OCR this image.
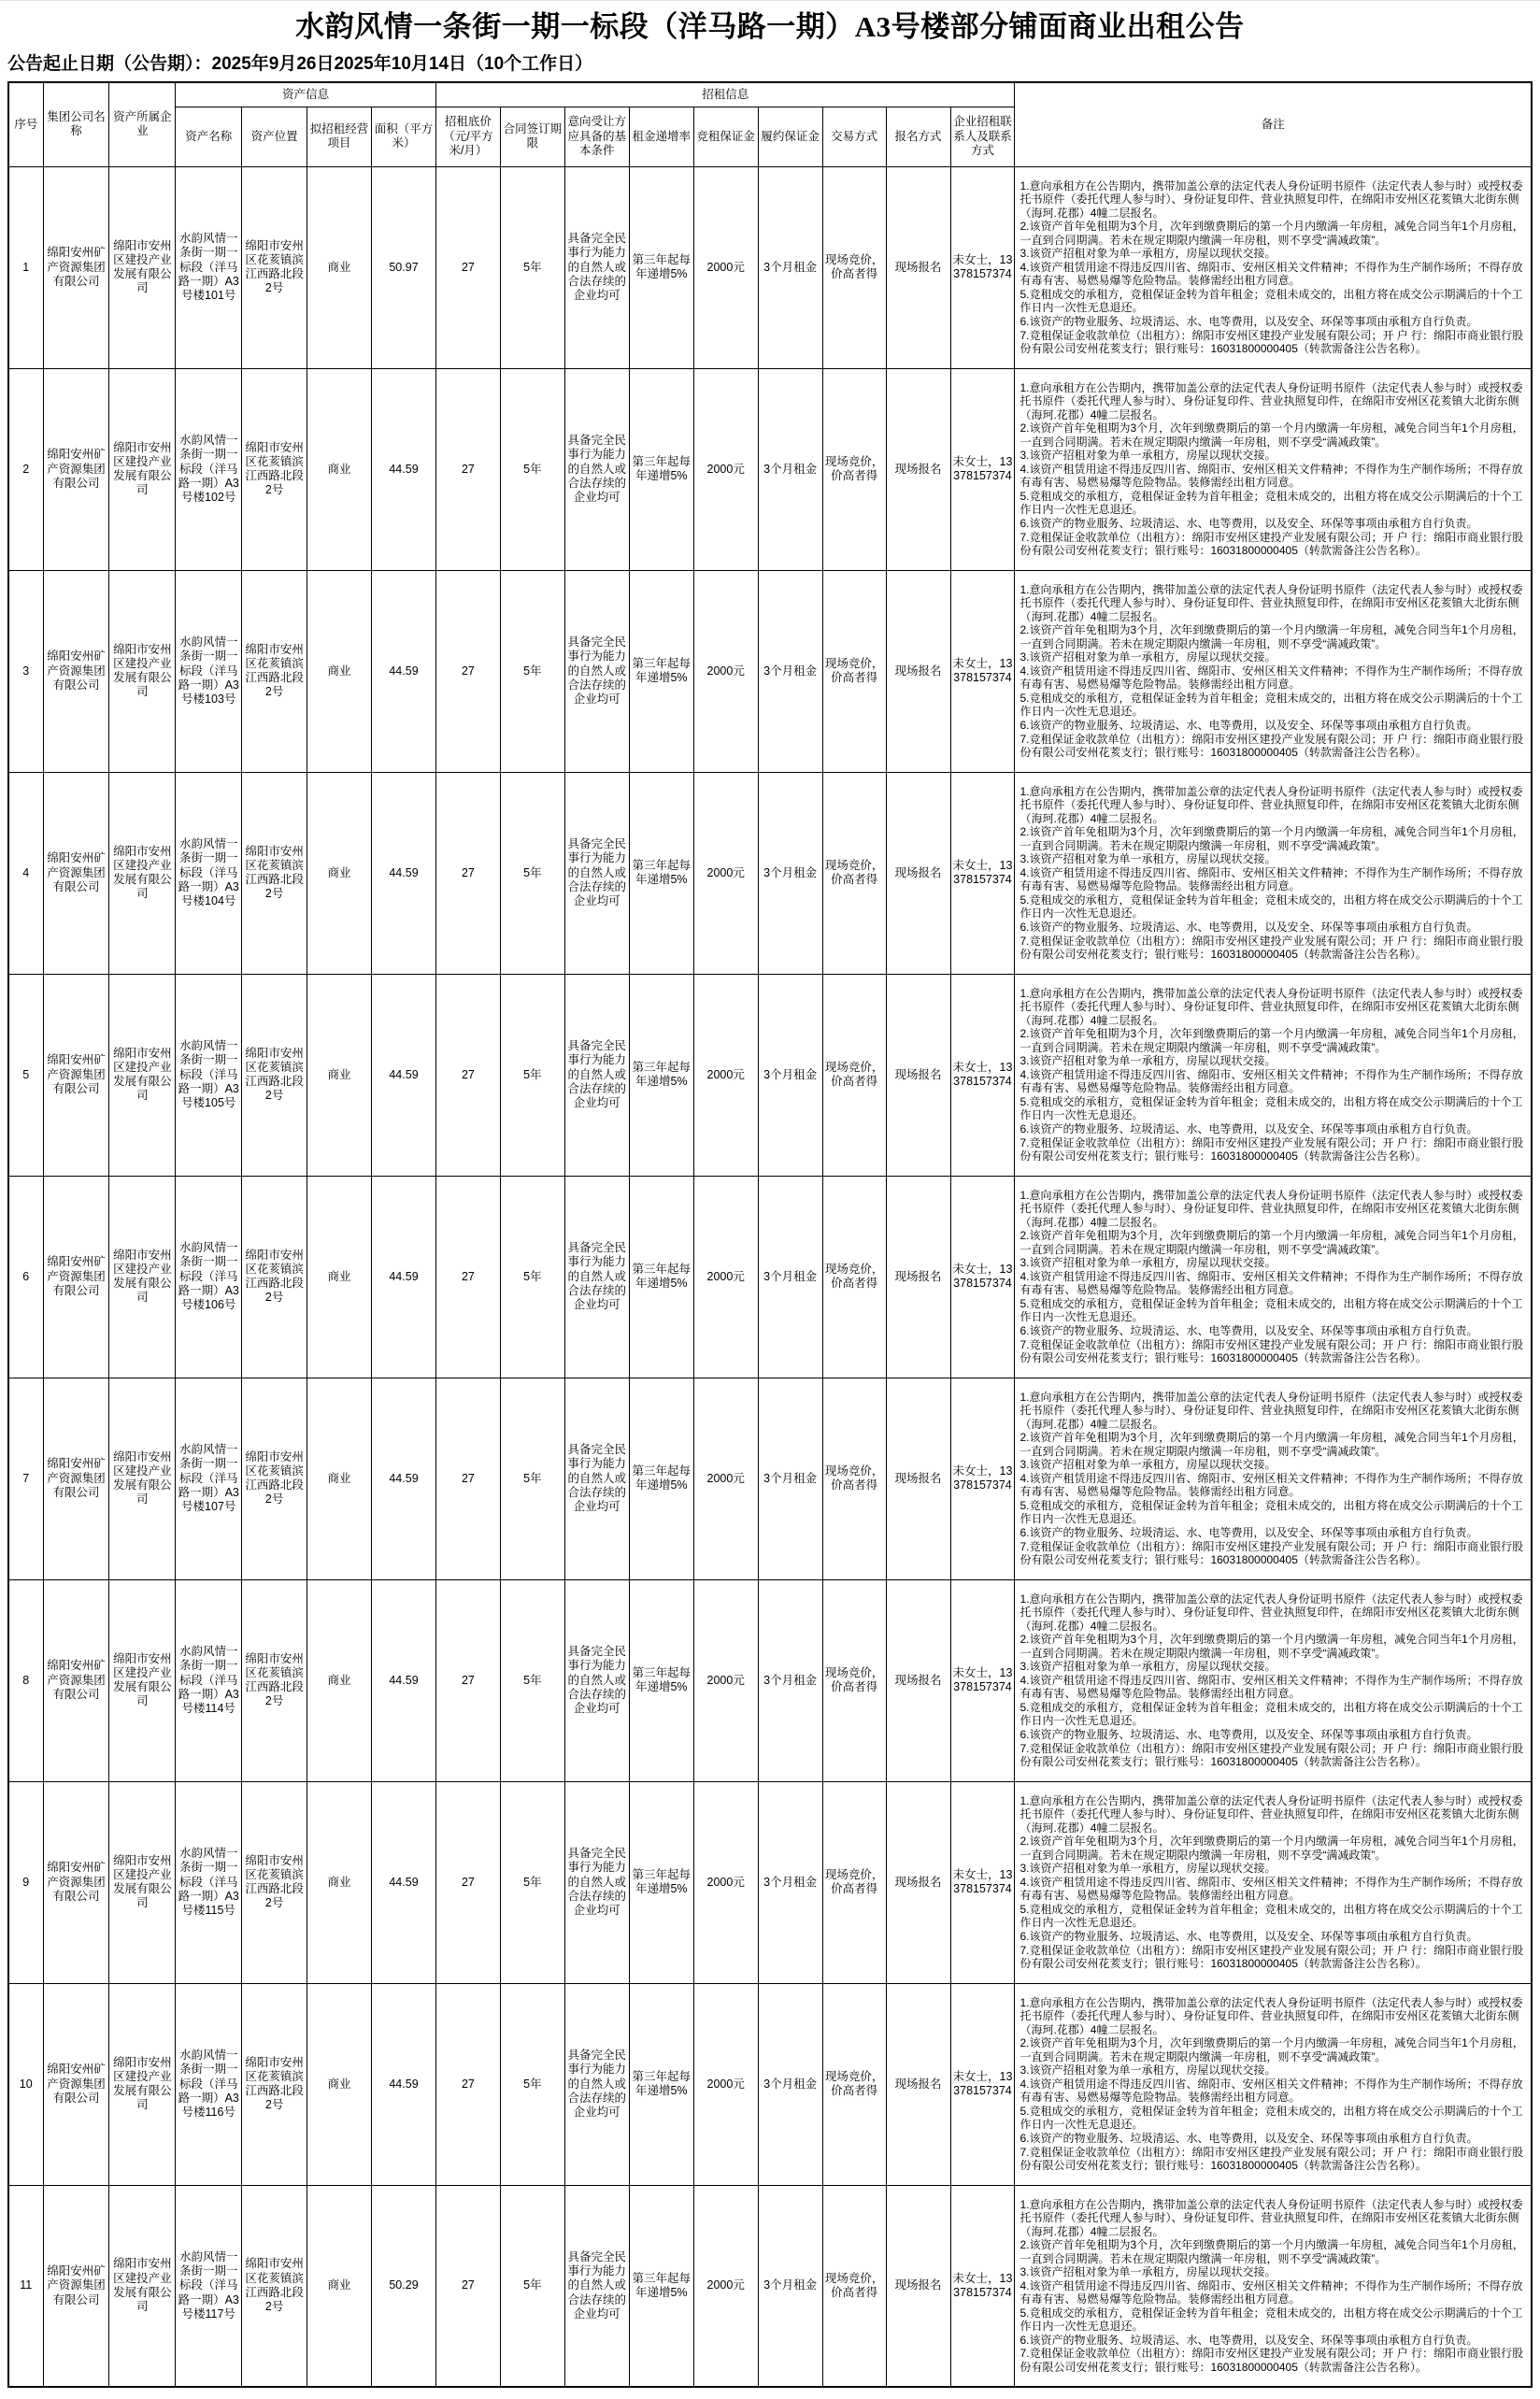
水韵风情一条街一期一标段（洋马路一期）A3号楼部分铺面商业出租公告
公告起止日期（公告期）：2025年9月26日2025年10月14日（10个工作日）
序号	集团公司名称	资产所属企业	资产信息				招租信息									备注
			资产名称	资产位置	拟招租经营项目	面积（平方米）	招租底价（元/平方米/月）	合同签订期限	意向受让方应具备的基本条件	租金递增率	竞租保证金	履约保证金	交易方式	报名方式	企业招租联系人及联系方式	
1	绵阳安州矿产资源集团有限公司	绵阳市安州区建投产业发展有限公司	水韵风情一条街一期一标段（洋马路一期）A3号楼101号	绵阳市安州区花荄镇滨江西路北段2号	商业	50.97	27	5年	具备完全民事行为能力的自然人或合法存续的企业均可	第三年起每年递增5%	2000元	3个月租金	现场竞价，价高者得	现场报名	未女士，13378157374	
1.意向承租方在公告期内，携带加盖公章的法定代表人身份证明书原件（法定代表人参与时）或授权委托书原件（委托代理人参与时）、身份证复印件、营业执照复印件，在绵阳市安州区花荄镇大北街东侧（海珂.花郡）4幢二层报名。
2.该资产首年免租期为3个月，次年到缴费期后的第一个月内缴满一年房租，减免合同当年1个月房租，一直到合同期满。若未在规定期限内缴满一年房租，则不享受“满减政策”。
3.该资产招租对象为单一承租方，房屋以现状交接。
4.该资产租赁用途不得违反四川省、绵阳市、安州区相关文件精神；不得作为生产制作场所；不得存放有毒有害、易燃易爆等危险物品。装修需经出租方同意。
5.竞租成交的承租方，竞租保证金转为首年租金；竞租未成交的，出租方将在成交公示期满后的十个工作日内一次性无息退还。
6.该资产的物业服务、垃圾清运、水、电等费用，以及安全、环保等事项由承租方自行负责。
7.竞租保证金收款单位（出租方）：绵阳市安州区建投产业发展有限公司；开 户 行：绵阳市商业银行股份有限公司安州花荄支行；银行账号：16031800000405（转款需备注公告名称）。

2	绵阳安州矿产资源集团有限公司	绵阳市安州区建投产业发展有限公司	水韵风情一条街一期一标段（洋马路一期）A3号楼102号	绵阳市安州区花荄镇滨江西路北段2号	商业	44.59	27	5年	具备完全民事行为能力的自然人或合法存续的企业均可	第三年起每年递增5%	2000元	3个月租金	现场竞价，价高者得	现场报名	未女士，13378157374	
1.意向承租方在公告期内，携带加盖公章的法定代表人身份证明书原件（法定代表人参与时）或授权委托书原件（委托代理人参与时）、身份证复印件、营业执照复印件，在绵阳市安州区花荄镇大北街东侧（海珂.花郡）4幢二层报名。
2.该资产首年免租期为3个月，次年到缴费期后的第一个月内缴满一年房租，减免合同当年1个月房租，一直到合同期满。若未在规定期限内缴满一年房租，则不享受“满减政策”。
3.该资产招租对象为单一承租方，房屋以现状交接。
4.该资产租赁用途不得违反四川省、绵阳市、安州区相关文件精神；不得作为生产制作场所；不得存放有毒有害、易燃易爆等危险物品。装修需经出租方同意。
5.竞租成交的承租方，竞租保证金转为首年租金；竞租未成交的，出租方将在成交公示期满后的十个工作日内一次性无息退还。
6.该资产的物业服务、垃圾清运、水、电等费用，以及安全、环保等事项由承租方自行负责。
7.竞租保证金收款单位（出租方）：绵阳市安州区建投产业发展有限公司；开 户 行：绵阳市商业银行股份有限公司安州花荄支行；银行账号：16031800000405（转款需备注公告名称）。

3	绵阳安州矿产资源集团有限公司	绵阳市安州区建投产业发展有限公司	水韵风情一条街一期一标段（洋马路一期）A3号楼103号	绵阳市安州区花荄镇滨江西路北段2号	商业	44.59	27	5年	具备完全民事行为能力的自然人或合法存续的企业均可	第三年起每年递增5%	2000元	3个月租金	现场竞价，价高者得	现场报名	未女士，13378157374	
1.意向承租方在公告期内，携带加盖公章的法定代表人身份证明书原件（法定代表人参与时）或授权委托书原件（委托代理人参与时）、身份证复印件、营业执照复印件，在绵阳市安州区花荄镇大北街东侧（海珂.花郡）4幢二层报名。
2.该资产首年免租期为3个月，次年到缴费期后的第一个月内缴满一年房租，减免合同当年1个月房租，一直到合同期满。若未在规定期限内缴满一年房租，则不享受“满减政策”。
3.该资产招租对象为单一承租方，房屋以现状交接。
4.该资产租赁用途不得违反四川省、绵阳市、安州区相关文件精神；不得作为生产制作场所；不得存放有毒有害、易燃易爆等危险物品。装修需经出租方同意。
5.竞租成交的承租方，竞租保证金转为首年租金；竞租未成交的，出租方将在成交公示期满后的十个工作日内一次性无息退还。
6.该资产的物业服务、垃圾清运、水、电等费用，以及安全、环保等事项由承租方自行负责。
7.竞租保证金收款单位（出租方）：绵阳市安州区建投产业发展有限公司；开 户 行：绵阳市商业银行股份有限公司安州花荄支行；银行账号：16031800000405（转款需备注公告名称）。

4	绵阳安州矿产资源集团有限公司	绵阳市安州区建投产业发展有限公司	水韵风情一条街一期一标段（洋马路一期）A3号楼104号	绵阳市安州区花荄镇滨江西路北段2号	商业	44.59	27	5年	具备完全民事行为能力的自然人或合法存续的企业均可	第三年起每年递增5%	2000元	3个月租金	现场竞价，价高者得	现场报名	未女士，13378157374	
1.意向承租方在公告期内，携带加盖公章的法定代表人身份证明书原件（法定代表人参与时）或授权委托书原件（委托代理人参与时）、身份证复印件、营业执照复印件，在绵阳市安州区花荄镇大北街东侧（海珂.花郡）4幢二层报名。
2.该资产首年免租期为3个月，次年到缴费期后的第一个月内缴满一年房租，减免合同当年1个月房租，一直到合同期满。若未在规定期限内缴满一年房租，则不享受“满减政策”。
3.该资产招租对象为单一承租方，房屋以现状交接。
4.该资产租赁用途不得违反四川省、绵阳市、安州区相关文件精神；不得作为生产制作场所；不得存放有毒有害、易燃易爆等危险物品。装修需经出租方同意。
5.竞租成交的承租方，竞租保证金转为首年租金；竞租未成交的，出租方将在成交公示期满后的十个工作日内一次性无息退还。
6.该资产的物业服务、垃圾清运、水、电等费用，以及安全、环保等事项由承租方自行负责。
7.竞租保证金收款单位（出租方）：绵阳市安州区建投产业发展有限公司；开 户 行：绵阳市商业银行股份有限公司安州花荄支行；银行账号：16031800000405（转款需备注公告名称）。

5	绵阳安州矿产资源集团有限公司	绵阳市安州区建投产业发展有限公司	水韵风情一条街一期一标段（洋马路一期）A3号楼105号	绵阳市安州区花荄镇滨江西路北段2号	商业	44.59	27	5年	具备完全民事行为能力的自然人或合法存续的企业均可	第三年起每年递增5%	2000元	3个月租金	现场竞价，价高者得	现场报名	未女士，13378157374	
1.意向承租方在公告期内，携带加盖公章的法定代表人身份证明书原件（法定代表人参与时）或授权委托书原件（委托代理人参与时）、身份证复印件、营业执照复印件，在绵阳市安州区花荄镇大北街东侧（海珂.花郡）4幢二层报名。
2.该资产首年免租期为3个月，次年到缴费期后的第一个月内缴满一年房租，减免合同当年1个月房租，一直到合同期满。若未在规定期限内缴满一年房租，则不享受“满减政策”。
3.该资产招租对象为单一承租方，房屋以现状交接。
4.该资产租赁用途不得违反四川省、绵阳市、安州区相关文件精神；不得作为生产制作场所；不得存放有毒有害、易燃易爆等危险物品。装修需经出租方同意。
5.竞租成交的承租方，竞租保证金转为首年租金；竞租未成交的，出租方将在成交公示期满后的十个工作日内一次性无息退还。
6.该资产的物业服务、垃圾清运、水、电等费用，以及安全、环保等事项由承租方自行负责。
7.竞租保证金收款单位（出租方）：绵阳市安州区建投产业发展有限公司；开 户 行：绵阳市商业银行股份有限公司安州花荄支行；银行账号：16031800000405（转款需备注公告名称）。

6	绵阳安州矿产资源集团有限公司	绵阳市安州区建投产业发展有限公司	水韵风情一条街一期一标段（洋马路一期）A3号楼106号	绵阳市安州区花荄镇滨江西路北段2号	商业	44.59	27	5年	具备完全民事行为能力的自然人或合法存续的企业均可	第三年起每年递增5%	2000元	3个月租金	现场竞价，价高者得	现场报名	未女士，13378157374	
1.意向承租方在公告期内，携带加盖公章的法定代表人身份证明书原件（法定代表人参与时）或授权委托书原件（委托代理人参与时）、身份证复印件、营业执照复印件，在绵阳市安州区花荄镇大北街东侧（海珂.花郡）4幢二层报名。
2.该资产首年免租期为3个月，次年到缴费期后的第一个月内缴满一年房租，减免合同当年1个月房租，一直到合同期满。若未在规定期限内缴满一年房租，则不享受“满减政策”。
3.该资产招租对象为单一承租方，房屋以现状交接。
4.该资产租赁用途不得违反四川省、绵阳市、安州区相关文件精神；不得作为生产制作场所；不得存放有毒有害、易燃易爆等危险物品。装修需经出租方同意。
5.竞租成交的承租方，竞租保证金转为首年租金；竞租未成交的，出租方将在成交公示期满后的十个工作日内一次性无息退还。
6.该资产的物业服务、垃圾清运、水、电等费用，以及安全、环保等事项由承租方自行负责。
7.竞租保证金收款单位（出租方）：绵阳市安州区建投产业发展有限公司；开 户 行：绵阳市商业银行股份有限公司安州花荄支行；银行账号：16031800000405（转款需备注公告名称）。

7	绵阳安州矿产资源集团有限公司	绵阳市安州区建投产业发展有限公司	水韵风情一条街一期一标段（洋马路一期）A3号楼107号	绵阳市安州区花荄镇滨江西路北段2号	商业	44.59	27	5年	具备完全民事行为能力的自然人或合法存续的企业均可	第三年起每年递增5%	2000元	3个月租金	现场竞价，价高者得	现场报名	未女士，13378157374	
1.意向承租方在公告期内，携带加盖公章的法定代表人身份证明书原件（法定代表人参与时）或授权委托书原件（委托代理人参与时）、身份证复印件、营业执照复印件，在绵阳市安州区花荄镇大北街东侧（海珂.花郡）4幢二层报名。
2.该资产首年免租期为3个月，次年到缴费期后的第一个月内缴满一年房租，减免合同当年1个月房租，一直到合同期满。若未在规定期限内缴满一年房租，则不享受“满减政策”。
3.该资产招租对象为单一承租方，房屋以现状交接。
4.该资产租赁用途不得违反四川省、绵阳市、安州区相关文件精神；不得作为生产制作场所；不得存放有毒有害、易燃易爆等危险物品。装修需经出租方同意。
5.竞租成交的承租方，竞租保证金转为首年租金；竞租未成交的，出租方将在成交公示期满后的十个工作日内一次性无息退还。
6.该资产的物业服务、垃圾清运、水、电等费用，以及安全、环保等事项由承租方自行负责。
7.竞租保证金收款单位（出租方）：绵阳市安州区建投产业发展有限公司；开 户 行：绵阳市商业银行股份有限公司安州花荄支行；银行账号：16031800000405（转款需备注公告名称）。

8	绵阳安州矿产资源集团有限公司	绵阳市安州区建投产业发展有限公司	水韵风情一条街一期一标段（洋马路一期）A3号楼114号	绵阳市安州区花荄镇滨江西路北段2号	商业	44.59	27	5年	具备完全民事行为能力的自然人或合法存续的企业均可	第三年起每年递增5%	2000元	3个月租金	现场竞价，价高者得	现场报名	未女士，13378157374	
1.意向承租方在公告期内，携带加盖公章的法定代表人身份证明书原件（法定代表人参与时）或授权委托书原件（委托代理人参与时）、身份证复印件、营业执照复印件，在绵阳市安州区花荄镇大北街东侧（海珂.花郡）4幢二层报名。
2.该资产首年免租期为3个月，次年到缴费期后的第一个月内缴满一年房租，减免合同当年1个月房租，一直到合同期满。若未在规定期限内缴满一年房租，则不享受“满减政策”。
3.该资产招租对象为单一承租方，房屋以现状交接。
4.该资产租赁用途不得违反四川省、绵阳市、安州区相关文件精神；不得作为生产制作场所；不得存放有毒有害、易燃易爆等危险物品。装修需经出租方同意。
5.竞租成交的承租方，竞租保证金转为首年租金；竞租未成交的，出租方将在成交公示期满后的十个工作日内一次性无息退还。
6.该资产的物业服务、垃圾清运、水、电等费用，以及安全、环保等事项由承租方自行负责。
7.竞租保证金收款单位（出租方）：绵阳市安州区建投产业发展有限公司；开 户 行：绵阳市商业银行股份有限公司安州花荄支行；银行账号：16031800000405（转款需备注公告名称）。

9	绵阳安州矿产资源集团有限公司	绵阳市安州区建投产业发展有限公司	水韵风情一条街一期一标段（洋马路一期）A3号楼115号	绵阳市安州区花荄镇滨江西路北段2号	商业	44.59	27	5年	具备完全民事行为能力的自然人或合法存续的企业均可	第三年起每年递增5%	2000元	3个月租金	现场竞价，价高者得	现场报名	未女士，13378157374	
1.意向承租方在公告期内，携带加盖公章的法定代表人身份证明书原件（法定代表人参与时）或授权委托书原件（委托代理人参与时）、身份证复印件、营业执照复印件，在绵阳市安州区花荄镇大北街东侧（海珂.花郡）4幢二层报名。
2.该资产首年免租期为3个月，次年到缴费期后的第一个月内缴满一年房租，减免合同当年1个月房租，一直到合同期满。若未在规定期限内缴满一年房租，则不享受“满减政策”。
3.该资产招租对象为单一承租方，房屋以现状交接。
4.该资产租赁用途不得违反四川省、绵阳市、安州区相关文件精神；不得作为生产制作场所；不得存放有毒有害、易燃易爆等危险物品。装修需经出租方同意。
5.竞租成交的承租方，竞租保证金转为首年租金；竞租未成交的，出租方将在成交公示期满后的十个工作日内一次性无息退还。
6.该资产的物业服务、垃圾清运、水、电等费用，以及安全、环保等事项由承租方自行负责。
7.竞租保证金收款单位（出租方）：绵阳市安州区建投产业发展有限公司；开 户 行：绵阳市商业银行股份有限公司安州花荄支行；银行账号：16031800000405（转款需备注公告名称）。

10	绵阳安州矿产资源集团有限公司	绵阳市安州区建投产业发展有限公司	水韵风情一条街一期一标段（洋马路一期）A3号楼116号	绵阳市安州区花荄镇滨江西路北段2号	商业	44.59	27	5年	具备完全民事行为能力的自然人或合法存续的企业均可	第三年起每年递增5%	2000元	3个月租金	现场竞价，价高者得	现场报名	未女士，13378157374	
1.意向承租方在公告期内，携带加盖公章的法定代表人身份证明书原件（法定代表人参与时）或授权委托书原件（委托代理人参与时）、身份证复印件、营业执照复印件，在绵阳市安州区花荄镇大北街东侧（海珂.花郡）4幢二层报名。
2.该资产首年免租期为3个月，次年到缴费期后的第一个月内缴满一年房租，减免合同当年1个月房租，一直到合同期满。若未在规定期限内缴满一年房租，则不享受“满减政策”。
3.该资产招租对象为单一承租方，房屋以现状交接。
4.该资产租赁用途不得违反四川省、绵阳市、安州区相关文件精神；不得作为生产制作场所；不得存放有毒有害、易燃易爆等危险物品。装修需经出租方同意。
5.竞租成交的承租方，竞租保证金转为首年租金；竞租未成交的，出租方将在成交公示期满后的十个工作日内一次性无息退还。
6.该资产的物业服务、垃圾清运、水、电等费用，以及安全、环保等事项由承租方自行负责。
7.竞租保证金收款单位（出租方）：绵阳市安州区建投产业发展有限公司；开 户 行：绵阳市商业银行股份有限公司安州花荄支行；银行账号：16031800000405（转款需备注公告名称）。

11	绵阳安州矿产资源集团有限公司	绵阳市安州区建投产业发展有限公司	水韵风情一条街一期一标段（洋马路一期）A3号楼117号	绵阳市安州区花荄镇滨江西路北段2号	商业	50.29	27	5年	具备完全民事行为能力的自然人或合法存续的企业均可	第三年起每年递增5%	2000元	3个月租金	现场竞价，价高者得	现场报名	未女士，13378157374	
1.意向承租方在公告期内，携带加盖公章的法定代表人身份证明书原件（法定代表人参与时）或授权委托书原件（委托代理人参与时）、身份证复印件、营业执照复印件，在绵阳市安州区花荄镇大北街东侧（海珂.花郡）4幢二层报名。
2.该资产首年免租期为3个月，次年到缴费期后的第一个月内缴满一年房租，减免合同当年1个月房租，一直到合同期满。若未在规定期限内缴满一年房租，则不享受“满减政策”。
3.该资产招租对象为单一承租方，房屋以现状交接。
4.该资产租赁用途不得违反四川省、绵阳市、安州区相关文件精神；不得作为生产制作场所；不得存放有毒有害、易燃易爆等危险物品。装修需经出租方同意。
5.竞租成交的承租方，竞租保证金转为首年租金；竞租未成交的，出租方将在成交公示期满后的十个工作日内一次性无息退还。
6.该资产的物业服务、垃圾清运、水、电等费用，以及安全、环保等事项由承租方自行负责。
7.竞租保证金收款单位（出租方）：绵阳市安州区建投产业发展有限公司；开 户 行：绵阳市商业银行股份有限公司安州花荄支行；银行账号：16031800000405（转款需备注公告名称）。
